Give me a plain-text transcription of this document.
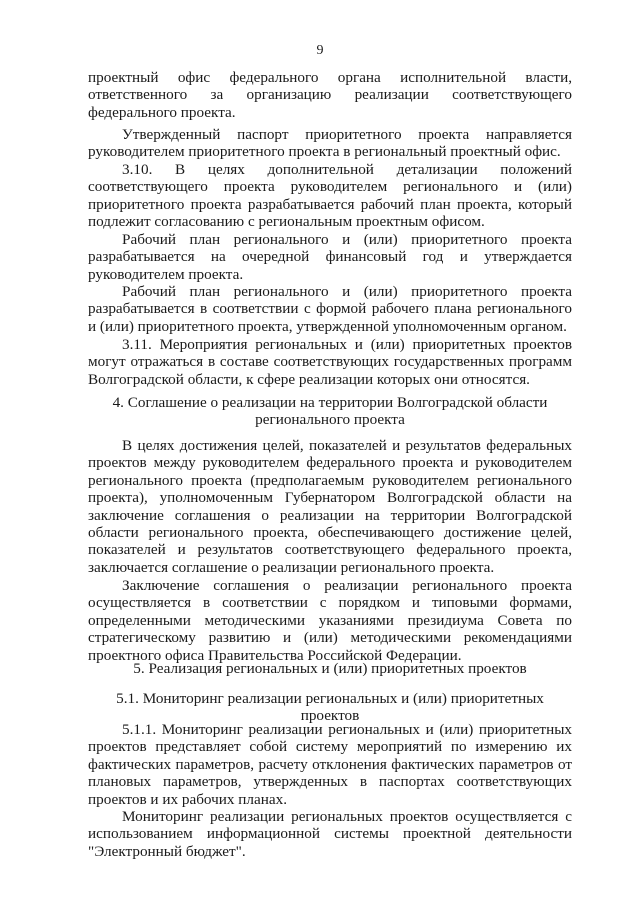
9

проектный офис федерального органа исполнительной власти, ответственного за организацию реализации соответствующего федерального проекта.

Утвержденный паспорт приоритетного проекта направляется руководителем приоритетного проекта в региональный проектный офис.

3.10. В целях дополнительной детализации положений соответствующего проекта руководителем регионального и (или) приоритетного проекта разрабатывается рабочий план проекта, который подлежит согласованию с региональным проектным офисом.

Рабочий план регионального и (или) приоритетного проекта разрабатывается на очередной финансовый год и утверждается руководителем проекта.

Рабочий план регионального и (или) приоритетного проекта разрабатывается в соответствии с формой рабочего плана регионального и (или) приоритетного проекта, утвержденной уполномоченным органом.

3.11. Мероприятия региональных и (или) приоритетных проектов могут отражаться в составе соответствующих государственных программ Волгоградской области, к сфере реализации которых они относятся.

4. Соглашение о реализации на территории Волгоградской области регионального проекта

В целях достижения целей, показателей и результатов федеральных проектов между руководителем федерального проекта и руководителем регионального проекта (предполагаемым руководителем регионального проекта), уполномоченным Губернатором Волгоградской области на заключение соглашения о реализации на территории Волгоградской области регионального проекта, обеспечивающего достижение целей, показателей и результатов соответствующего федерального проекта, заключается соглашение о реализации регионального проекта.

Заключение соглашения о реализации регионального проекта осуществляется в соответствии с порядком и типовыми формами, определенными методическими указаниями президиума Совета по стратегическому развитию и (или) методическими рекомендациями проектного офиса Правительства Российской Федерации.

5. Реализация региональных и (или) приоритетных проектов

5.1. Мониторинг реализации региональных и (или) приоритетных проектов

5.1.1. Мониторинг реализации региональных и (или) приоритетных проектов представляет собой систему мероприятий по измерению их фактических параметров, расчету отклонения фактических параметров от плановых параметров, утвержденных в паспортах соответствующих проектов и их рабочих планах.

Мониторинг реализации региональных проектов осуществляется с использованием информационной системы проектной деятельности "Электронный бюджет".
